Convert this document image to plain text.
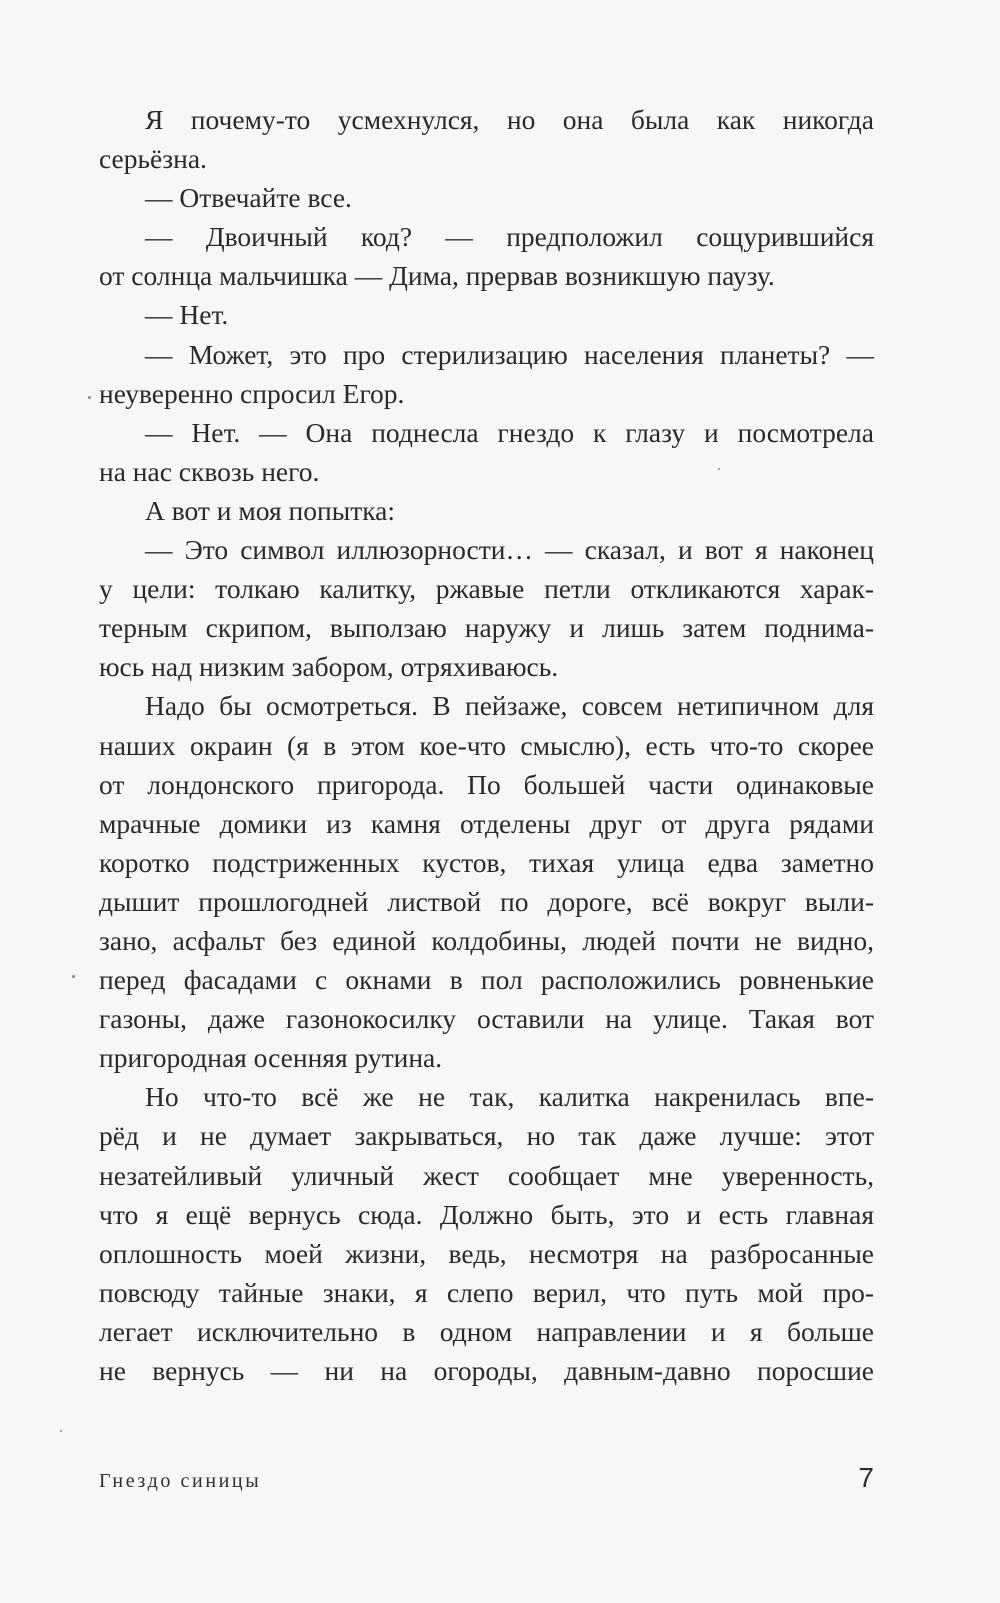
Я почему-то усмехнулся, но она была как никогда
серьёзна.
— Отвечайте все.
— Двоичный код? — предположил сощурившийся
от солнца мальчишка — Дима, прервав возникшую паузу.
— Нет.
— Может, это про стерилизацию населения планеты? —
неуверенно спросил Егор.
— Нет. — Она поднесла гнездо к глазу и посмотрела
на нас сквозь него.
А вот и моя попытка:
— Это символ иллюзорности… — сказал, и вот я наконец
у цели: толкаю калитку, ржавые петли откликаются харак-
терным скрипом, выползаю наружу и лишь затем поднима-
юсь над низким забором, отряхиваюсь.
Надо бы осмотреться. В пейзаже, совсем нетипичном для
наших окраин (я в этом кое-что смыслю), есть что-то скорее
от лондонского пригорода. По большей части одинаковые
мрачные домики из камня отделены друг от друга рядами
коротко подстриженных кустов, тихая улица едва заметно
дышит прошлогодней листвой по дороге, всё вокруг выли-
зано, асфальт без единой колдобины, людей почти не видно,
перед фасадами с окнами в пол расположились ровненькие
газоны, даже газонокосилку оставили на улице. Такая вот
пригородная осенняя рутина.
Но что-то всё же не так, калитка накренилась впе-
рёд и не думает закрываться, но так даже лучше: этот
незатейливый уличный жест сообщает мне уверенность,
что я ещё вернусь сюда. Должно быть, это и есть главная
оплошность моей жизни, ведь, несмотря на разбросанные
повсюду тайные знаки, я слепо верил, что путь мой про-
легает исключительно в одном направлении и я больше
не вернусь — ни на огороды, давным-давно поросшие
Гнездо синицы	7
